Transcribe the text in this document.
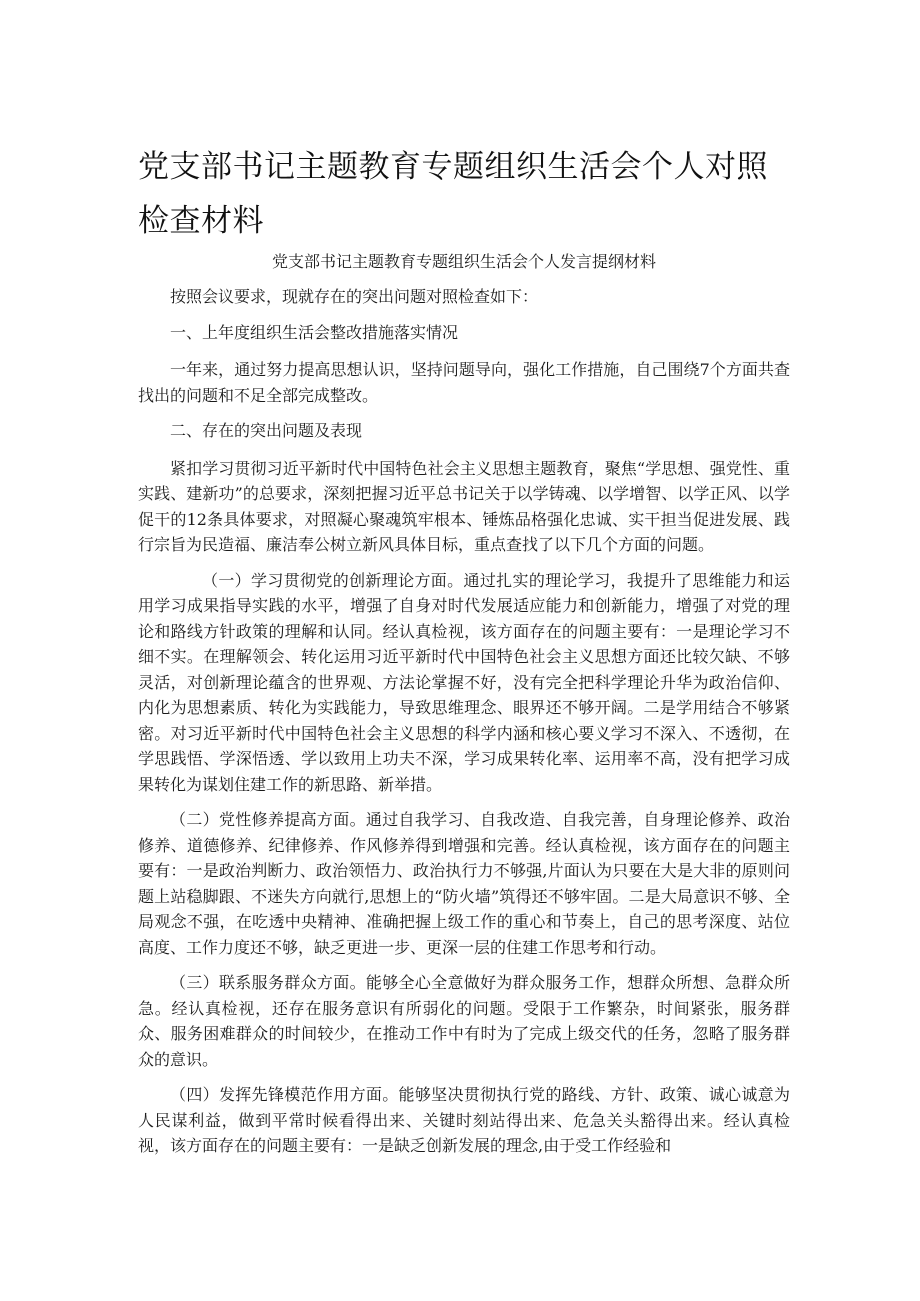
党支部书记主题教育专题组织生活会个人对照检查材料

党支部书记主题教育专题组织生活会个人发言提纲材料

按照会议要求，现就存在的突出问题对照检查如下：

一、上年度组织生活会整改措施落实情况

一年来，通过努力提高思想认识，坚持问题导向，强化工作措施，自己围绕7个方面共查找出的问题和不足全部完成整改。

二、存在的突出问题及表现

紧扣学习贯彻习近平新时代中国特色社会主义思想主题教育，聚焦“学思想、强党性、重实践、建新功”的总要求，深刻把握习近平总书记关于以学铸魂、以学增智、以学正风、以学促干的12条具体要求，对照凝心聚魂筑牢根本、锤炼品格强化忠诚、实干担当促进发展、践行宗旨为民造福、廉洁奉公树立新风具体目标，重点查找了以下几个方面的问题。

（一）学习贯彻党的创新理论方面。通过扎实的理论学习，我提升了思维能力和运用学习成果指导实践的水平，增强了自身对时代发展适应能力和创新能力，增强了对党的理论和路线方针政策的理解和认同。经认真检视，该方面存在的问题主要有：一是理论学习不细不实。在理解领会、转化运用习近平新时代中国特色社会主义思想方面还比较欠缺、不够灵活，对创新理论蕴含的世界观、方法论掌握不好，没有完全把科学理论升华为政治信仰、内化为思想素质、转化为实践能力，导致思维理念、眼界还不够开阔。二是学用结合不够紧密。对习近平新时代中国特色社会主义思想的科学内涵和核心要义学习不深入、不透彻，在学思践悟、学深悟透、学以致用上功夫不深，学习成果转化率、运用率不高，没有把学习成果转化为谋划住建工作的新思路、新举措。

（二）党性修养提高方面。通过自我学习、自我改造、自我完善，自身理论修养、政治修养、道德修养、纪律修养、作风修养得到增强和完善。经认真检视，该方面存在的问题主要有：一是政治判断力、政治领悟力、政治执行力不够强,片面认为只要在大是大非的原则问题上站稳脚跟、不迷失方向就行,思想上的“防火墙”筑得还不够牢固。二是大局意识不够、全局观念不强，在吃透中央精神、准确把握上级工作的重心和节奏上，自己的思考深度、站位高度、工作力度还不够，缺乏更进一步、更深一层的住建工作思考和行动。

（三）联系服务群众方面。能够全心全意做好为群众服务工作，想群众所想、急群众所急。经认真检视，还存在服务意识有所弱化的问题。受限于工作繁杂，时间紧张，服务群众、服务困难群众的时间较少，在推动工作中有时为了完成上级交代的任务，忽略了服务群众的意识。

（四）发挥先锋模范作用方面。能够坚决贯彻执行党的路线、方针、政策、诚心诚意为人民谋利益，做到平常时候看得出来、关键时刻站得出来、危急关头豁得出来。经认真检视，该方面存在的问题主要有：一是缺乏创新发展的理念,由于受工作经验和
